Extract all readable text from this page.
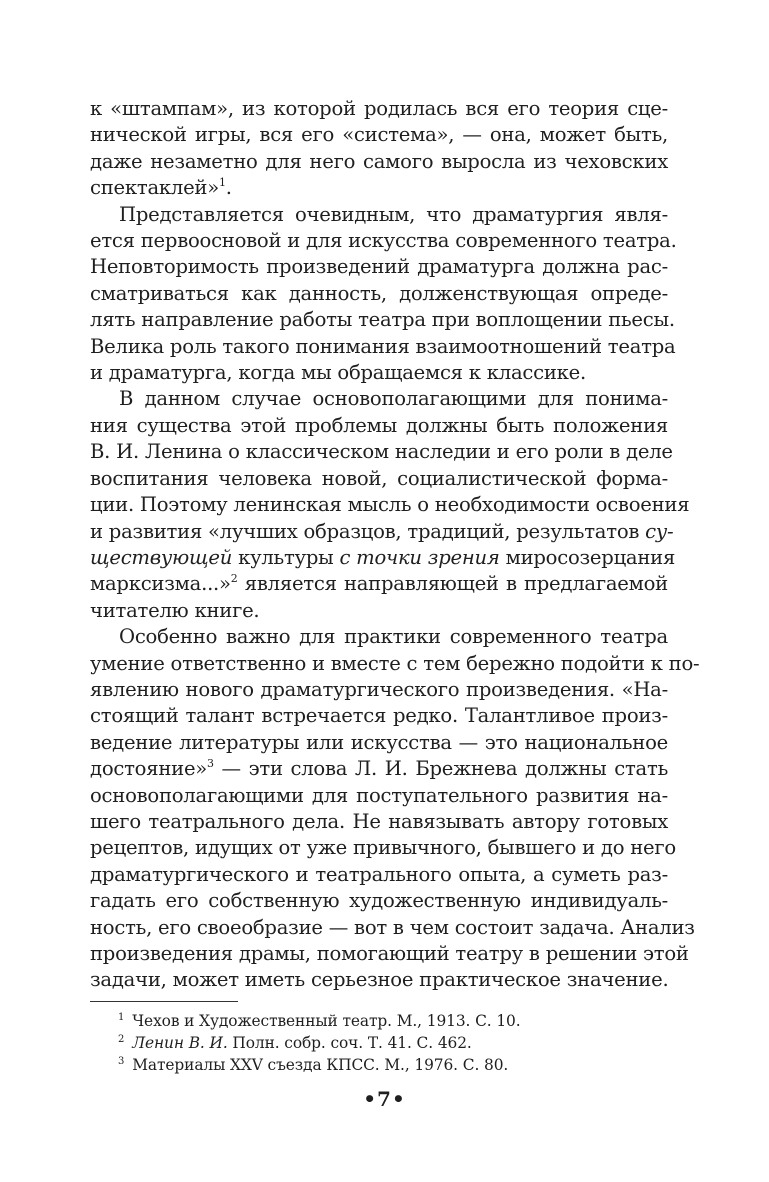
к «штампам», из которой родилась вся его теория сце-
нической игры, вся его «система», — она, может быть,
даже незаметно для него самого выросла из чеховских
спектаклей»$^1$.
Представляется очевидным, что драматургия явля-
ется первоосновой и для искусства современного театра.
Неповторимость произведений драматурга должна рас-
сматриваться как данность, долженствующая опреде-
лять направление работы театра при воплощении пьесы.
Велика роль такого понимания взаимоотношений театра
и драматурга, когда мы обращаемся к классике.
В данном случае основополагающими для понима-
ния существа этой проблемы должны быть положения
В. И. Ленина о классическом наследии и его роли в деле
воспитания человека новой, социалистической форма-
ции. Поэтому ленинская мысль о необходимости освоения
и развития «лучших образцов, традиций, результатов су-
ществующей культуры с точки зрения миросозерцания
марксизма...»$^2$ является направляющей в предлагаемой
читателю книге.
Особенно важно для практики современного театра
умение ответственно и вместе с тем бережно подойти к по-
явлению нового драматургического произведения. «На-
стоящий талант встречается редко. Талантливое произ-
ведение литературы или искусства — это национальное
достояние»$^3$ — эти слова Л. И. Брежнева должны стать
основополагающими для поступательного развития на-
шего театрального дела. Не навязывать автору готовых
рецептов, идущих от уже привычного, бывшего и до него
драматургического и театрального опыта, а суметь раз-
гадать его собственную художественную индивидуаль-
ность, его своеобразие — вот в чем состоит задача. Анализ
произведения драмы, помогающий театру в решении этой
задачи, может иметь серьезное практическое значение.
$^1$ Чехов и Художественный театр. М., 1913. С. 10.
$^2$ Ленин В. И. Полн. собр. соч. Т. 41. С. 462.
$^3$ Материалы XXV съезда КПСС. М., 1976. С. 80.
•7•
